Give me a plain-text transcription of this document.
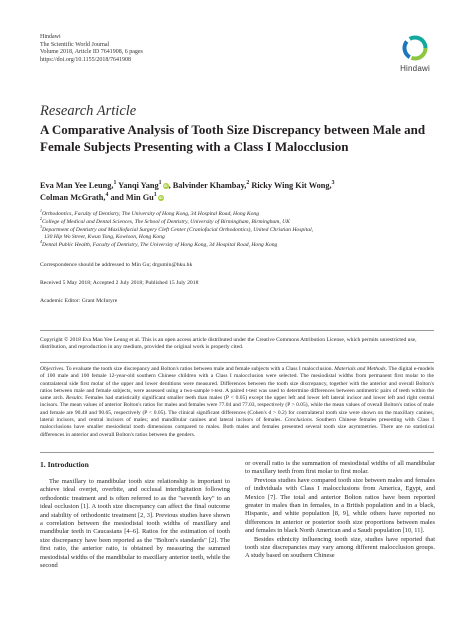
Hindawi
The Scientific World Journal
Volume 2018, Article ID 7641908, 6 pages
https://doi.org/10.1155/2018/7641908
Hindawi
Research Article
A Comparative Analysis of Tooth Size Discrepancy between Male and Female Subjects Presenting with a Class I Malocclusion
Eva Man Yee Leung,$^1$ Yanqi Yang$^1$ iD, Balvinder Khambay,$^2$ Ricky Wing Kit Wong,$^3$
Colman McGrath,$^4$ and Min Gu$^1$ iD
$^1$Orthodontics, Faculty of Dentistry, The University of Hong Kong, 34 Hospital Road, Hong Kong
$^2$College of Medical and Dental Sciences, The School of Dentistry, University of Birmingham, Birmingham, UK
$^3$Department of Dentistry and Maxillofacial Surgery Cleft Center (Craniofacial Orthodontics), United Christian Hospital,
130 Hip Wo Street, Kwun Tong, Kowloon, Hong Kong
$^4$Dental Public Health, Faculty of Dentistry, The University of Hong Kong, 34 Hospital Road, Hong Kong
Correspondence should be addressed to Min Gu; drgumin@hku.hk
Received 5 May 2018; Accepted 2 July 2018; Published 15 July 2018
Academic Editor: Grant McIntyre
Copyright © 2018 Eva Man Yee Leung et al. This is an open access article distributed under the Creative Commons Attribution License, which permits unrestricted use, distribution, and reproduction in any medium, provided the original work is properly cited.
Objectives. To evaluate the tooth size discrepancy and Bolton's ratios between male and female subjects with a Class I malocclusion. Materials and Methods. The digital e-models of 100 male and 100 female 12-year-old southern Chinese children with a Class I malocclusion were selected. The mesiodistal widths from permanent first molar to the contralateral side first molar of the upper and lower dentitions were measured. Differences between the tooth size discrepancy, together with the anterior and overall Bolton's ratios between male and female subjects, were assessed using a two-sample t-test. A paired t-test was used to determine differences between antimetric pairs of teeth within the same arch. Results. Females had statistically significant smaller teeth than males (P < 0.05) except the upper left and lower left lateral incisor and lower left and right central incisors. The mean values of anterior Bolton's ratios for males and females were 77.04 and 77.03, respectively (P > 0.05), while the mean values of overall Bolton's ratios of male and female are 90.48 and 90.65, respectively (P < 0.05). The clinical significant differences (Cohen's d > 0.2) for contralateral tooth size were shown on the maxillary canines, lateral incisors, and central incisors of males; and mandibular canines and lateral incisors of females. Conclusions. Southern Chinese females presenting with Class I malocclusions have smaller mesiodistal tooth dimensions compared to males. Both males and females presented several tooth size asymmetries. There are no statistical differences in anterior and overall Bolton's ratios between the genders.
1. Introduction

The maxillary to mandibular tooth size relationship is important to achieve ideal overjet, overbite, and occlusal interdigitation following orthodontic treatment and is often referred to as the "seventh key" to an ideal occlusion [1]. A tooth size discrepancy can affect the final outcome and stability of orthodontic treatment [2, 3]. Previous studies have shown a correlation between the mesiodistal tooth widths of maxillary and mandibular teeth in Caucasians [4–6]. Ratios for the estimation of tooth size discrepancy have been reported as the "Bolton's standards" [2]. The first ratio, the anterior ratio, is obtained by measuring the summed mesiodistal widths of the mandibular to maxillary anterior teeth, while the second

or overall ratio is the summation of mesiodistal widths of all mandibular to maxillary teeth from first molar to first molar.

Previous studies have compared tooth size between males and females of individuals with Class I malocclusions from America, Egypt, and Mexico [7]. The total and anterior Bolton ratios have been reported greater in males than in females, in a British population and in a black, Hispanic, and white population [8, 9], while others have reported no differences in anterior or posterior tooth size proportions between males and females in black North American and a Saudi population [10, 11].

Besides ethnicity influencing tooth size, studies have reported that tooth size discrepancies may vary among different malocclusion groups. A study based on southern Chinese
